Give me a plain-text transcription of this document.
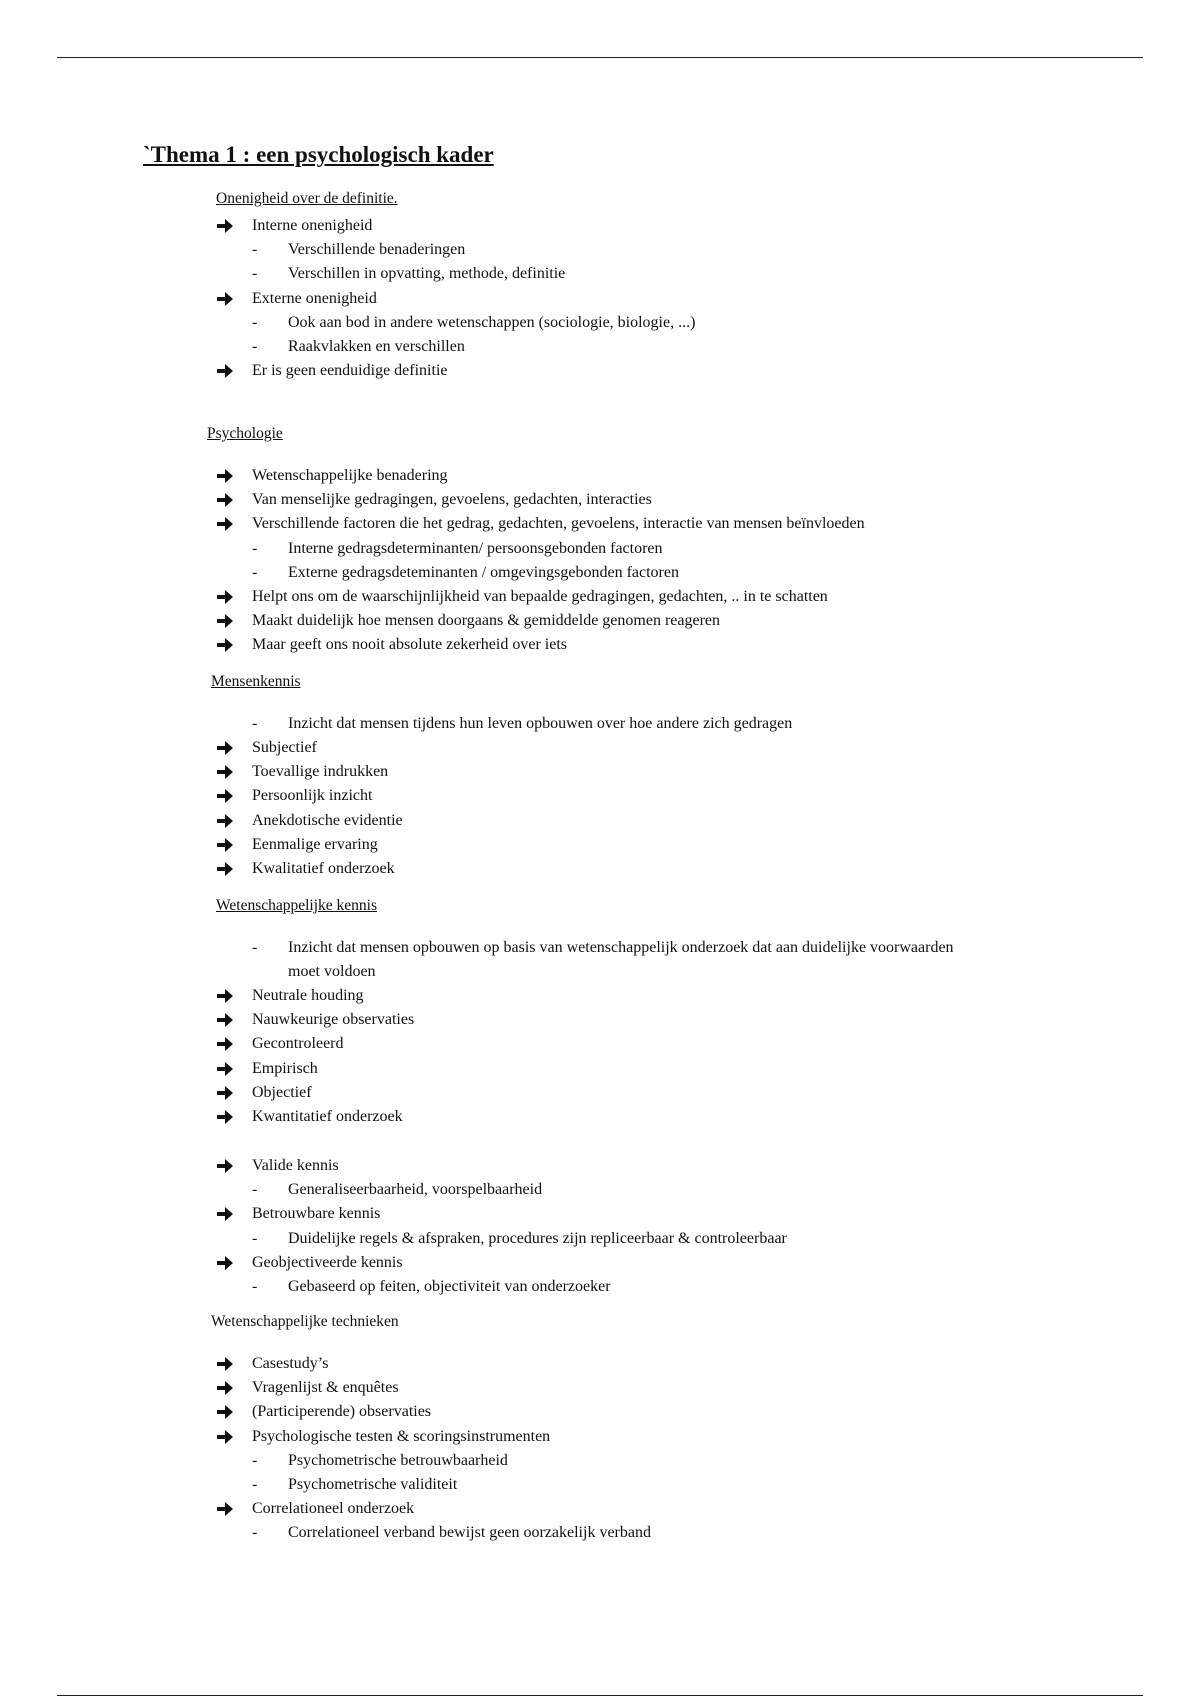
`Thema 1 : een psychologisch kader
Onenigheid over de definitie.
Interne onenigheid
- Verschillende benaderingen
- Verschillen in opvatting, methode, definitie
Externe onenigheid
- Ook aan bod in andere wetenschappen (sociologie, biologie, ...)
- Raakvlakken en verschillen
Er is geen eenduidige definitie
Psychologie
Wetenschappelijke benadering
Van menselijke gedragingen, gevoelens, gedachten, interacties
Verschillende factoren die het gedrag, gedachten, gevoelens, interactie van mensen beïnvloeden
- Interne gedragsdeterminanten/ persoonsgebonden factoren
- Externe gedragsdeteminanten / omgevingsgebonden factoren
Helpt ons om de waarschijnlijkheid van bepaalde gedragingen, gedachten, .. in te schatten
Maakt duidelijk hoe mensen doorgaans & gemiddelde genomen reageren
Maar geeft ons nooit absolute zekerheid over iets
Mensenkennis
- Inzicht dat mensen tijdens hun leven opbouwen over hoe andere zich gedragen
Subjectief
Toevallige indrukken
Persoonlijk inzicht
Anekdotische evidentie
Eenmalige ervaring
Kwalitatief onderzoek
Wetenschappelijke kennis
- Inzicht dat mensen opbouwen op basis van wetenschappelijk onderzoek dat aan duidelijke voorwaarden
moet voldoen
Neutrale houding
Nauwkeurige observaties
Gecontroleerd
Empirisch
Objectief
Kwantitatief onderzoek
Valide kennis
- Generaliseerbaarheid, voorspelbaarheid
Betrouwbare kennis
- Duidelijke regels & afspraken, procedures zijn repliceerbaar & controleerbaar
Geobjectiveerde kennis
- Gebaseerd op feiten, objectiviteit van onderzoeker
Wetenschappelijke technieken
Casestudy’s
Vragenlijst & enquêtes
(Participerende) observaties
Psychologische testen & scoringsinstrumenten
- Psychometrische betrouwbaarheid
- Psychometrische validiteit
Correlationeel onderzoek
- Correlationeel verband bewijst geen oorzakelijk verband
